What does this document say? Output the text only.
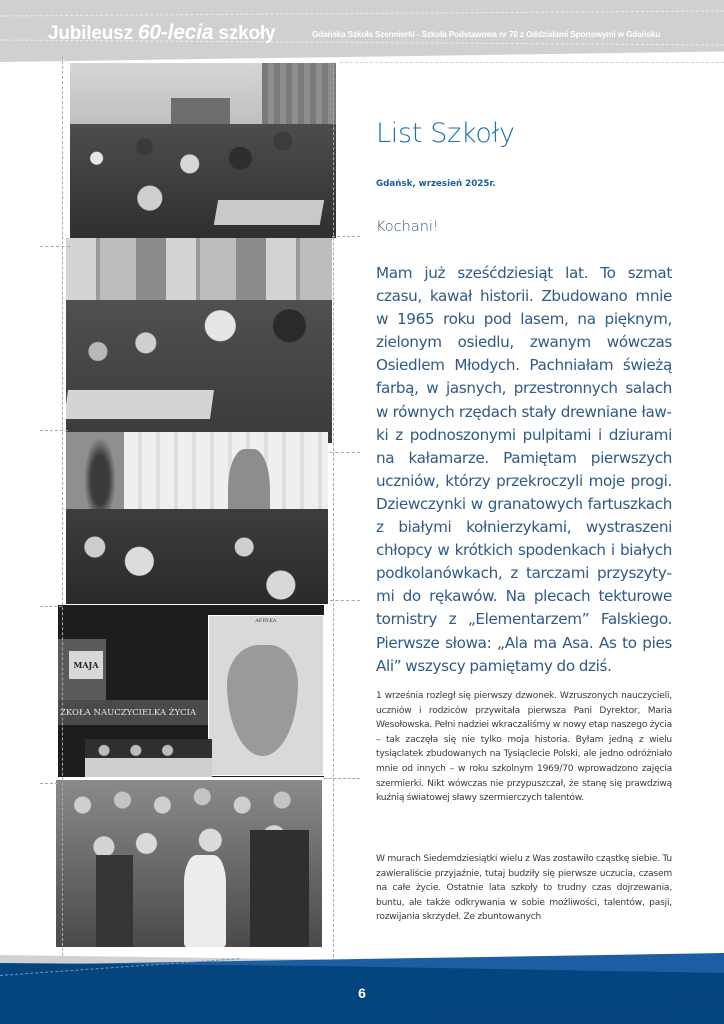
Jubileusz 60-lecia szkoły	Gdańska Szkoła Szermierki - Szkoła Podstawowa nr 70 z Oddziałami Sportowymi w Gdańsku
MAJA
ZKOŁA NAUCZYCIELKA ŻYCIA
AFRYKA
List Szkoły
Gdańsk, wrzesień 2025r.
Kochani!

Mam już sześćdziesiąt lat. To szmat czasu, kawał historii. Zbudowano mnie w 1965 roku pod lasem, na pięknym, zielonym osiedlu, zwanym wówczas Osiedlem Młodych. Pachniałam świeżą farbą, w jasnych, przestronnych salach w równych rzędach stały drewniane ławki z podnoszonymi pulpitami i dziurami na kałamarze. Pamiętam pierwszych uczniów, którzy przekroczyli moje progi. Dziewczynki w granatowych fartuszkach z białymi kołnierzykami, wystraszeni chłopcy w krótkich spodenkach i białych podkolanówkach, z tarczami przyszytymi do rękawów. Na plecach tekturowe tornistry z „Elementarzem” Falskiego. Pierwsze słowa: „Ala ma Asa. As to pies Ali” wszyscy pamiętamy do dziś.

1 września rozległ się pierwszy dzwonek. Wzruszonych nauczycieli, uczniów i rodziców przywitała pierwsza Pani Dyrektor, Maria Wesołowska. Pełni nadziei wkraczaliśmy w nowy etap naszego życia – tak zaczęła się nie tylko moja historia. Byłam jedną z wielu tysiąclatek zbudowanych na Tysiąclecie Polski, ale jedno odróżniało mnie od innych – w roku szkolnym 1969/70 wprowadzono zajęcia szermierki. Nikt wówczas nie przypuszczał, że stanę się prawdziwą kuźnią światowej sławy szermierczych talentów.

W murach Siedemdziesiątki wielu z Was zostawiło cząstkę siebie. Tu zawieraliście przyjaźnie, tutaj budziły się pierwsze uczucia, czasem na całe życie. Ostatnie lata szkoły to trudny czas dojrzewania, buntu, ale także odkrywania w sobie możliwości, talentów, pasji, rozwijania skrzydeł. Ze zbuntowanych

6
